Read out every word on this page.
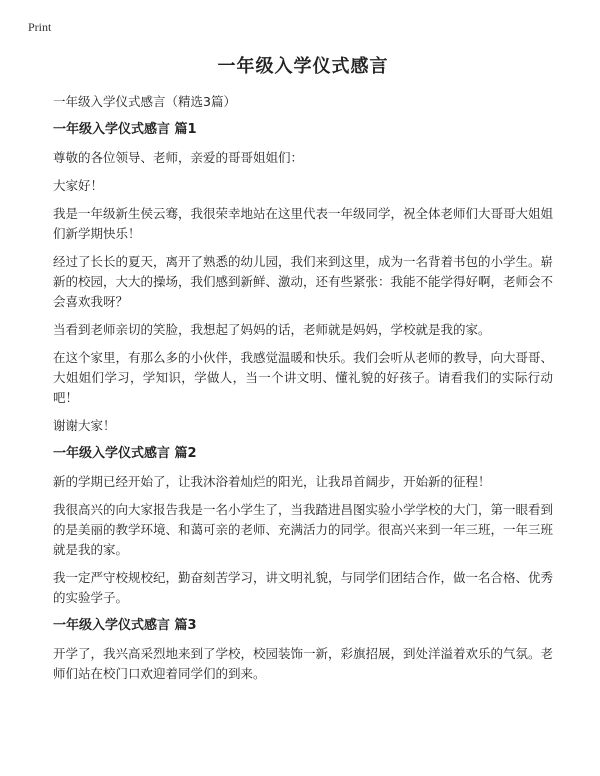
Print
一年级入学仪式感言
一年级入学仪式感言（精选3篇）
一年级入学仪式感言 篇1

尊敬的各位领导、老师，亲爱的哥哥姐姐们：

大家好！

我是一年级新生侯云骞，我很荣幸地站在这里代表一年级同学，祝全体老师们大哥哥大姐姐们新学期快乐！

经过了长长的夏天，离开了熟悉的幼儿园，我们来到这里，成为一名背着书包的小学生。崭新的校园，大大的操场，我们感到新鲜、激动，还有些紧张：我能不能学得好啊，老师会不会喜欢我呀？

当看到老师亲切的笑脸，我想起了妈妈的话，老师就是妈妈，学校就是我的家。

在这个家里，有那么多的小伙伴，我感觉温暖和快乐。我们会听从老师的教导，向大哥哥、大姐姐们学习，学知识，学做人，当一个讲文明、懂礼貌的好孩子。请看我们的实际行动吧！

谢谢大家！

一年级入学仪式感言 篇2

新的学期已经开始了，让我沐浴着灿烂的阳光，让我昂首阔步，开始新的征程！

我很高兴的向大家报告我是一名小学生了，当我踏进昌图实验小学学校的大门，第一眼看到的是美丽的教学环境、和蔼可亲的老师、充满活力的同学。很高兴来到一年三班，一年三班就是我的家。

我一定严守校规校纪，勤奋刻苦学习，讲文明礼貌，与同学们团结合作，做一名合格、优秀的实验学子。

一年级入学仪式感言 篇3

开学了，我兴高采烈地来到了学校，校园装饰一新，彩旗招展，到处洋溢着欢乐的气氛。老师们站在校门口欢迎着同学们的到来。
